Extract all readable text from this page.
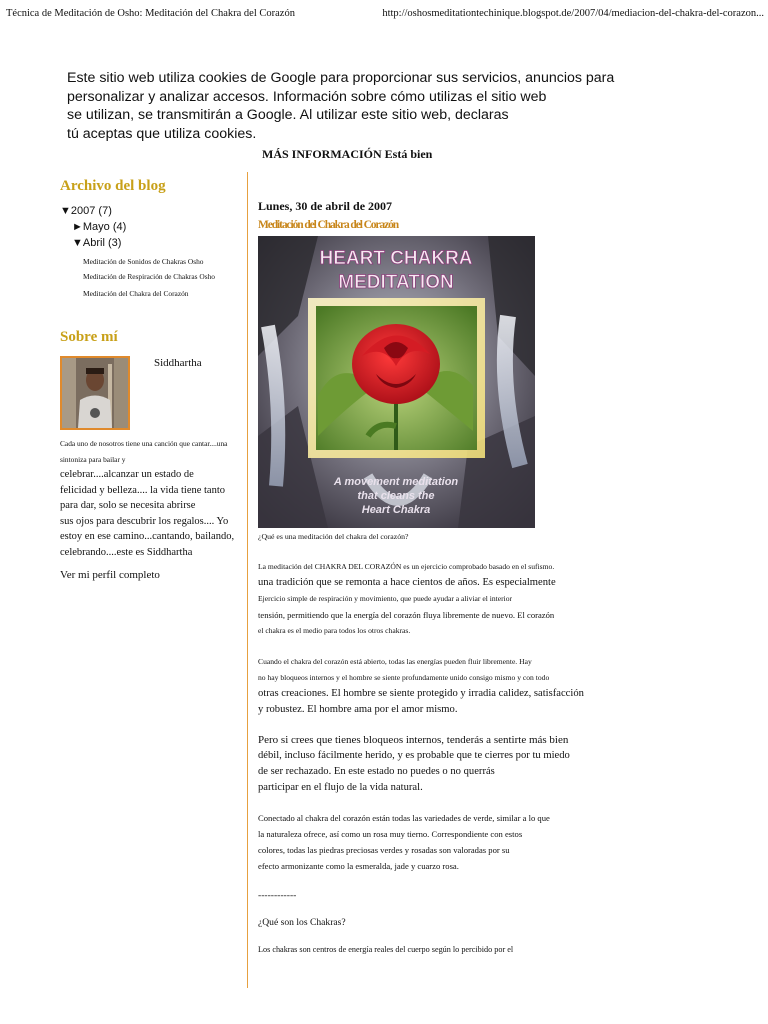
Técnica de Meditación de Osho: Meditación del Chakra del Corazón	http://oshosmeditationtechinique.blogspot.de/2007/04/mediacion-del-chakra-del-corazon...
Este sitio web utiliza cookies de Google para proporcionar sus servicios, anuncios para
personalizar y analizar accesos. Información sobre cómo utilizas el sitio web
se utilizan, se transmitirán a Google. Al utilizar este sitio web, declaras
tú aceptas que utiliza cookies.
MÁS INFORMACIÓN Está bien
Archivo del blog
▼2007 (7)
►Mayo (4)
▼Abril (3)
Meditación de Sonidos de Chakras Osho
Meditación de Respiración de Chakras Osho
Meditación del Chakra del Corazón
Sobre mí
Siddhartha
Cada uno de nosotros tiene una canción que cantar....una
sintoniza para bailar y
celebrar....alcanzar un estado de
felicidad y belleza.... la vida tiene tanto
para dar, solo se necesita abrirse
sus ojos para descubrir los regalos.... Yo
estoy en ese camino...cantando, bailando,
celebrando....este es Siddhartha
Ver mi perfil completo
Lunes, 30 de abril de 2007
Meditación del Chakra del Corazón
HEART CHAKRA
MEDITATION
A movement meditation
that cleans the
Heart Chakra
¿Qué es una meditación del chakra del corazón?
La meditación del CHAKRA DEL CORAZÓN es un ejercicio comprobado basado en el sufismo.
una tradición que se remonta a hace cientos de años. Es especialmente
Ejercicio simple de respiración y movimiento, que puede ayudar a aliviar el interior
tensión, permitiendo que la energía del corazón fluya libremente de nuevo. El corazón
el chakra es el medio para todos los otros chakras.
Cuando el chakra del corazón está abierto, todas las energías pueden fluir libremente. Hay
no hay bloqueos internos y el hombre se siente profundamente unido consigo mismo y con todo
otras creaciones. El hombre se siente protegido y irradia calidez, satisfacción
y robustez. El hombre ama por el amor mismo.
Pero si crees que tienes bloqueos internos, tenderás a sentirte más bien
débil, incluso fácilmente herido, y es probable que te cierres por tu miedo
de ser rechazado. En este estado no puedes o no querrás
participar en el flujo de la vida natural.
Conectado al chakra del corazón están todas las variedades de verde, similar a lo que
la naturaleza ofrece, así como un rosa muy tierno. Correspondiente con estos
colores, todas las piedras preciosas verdes y rosadas son valoradas por su
efecto armonizante como la esmeralda, jade y cuarzo rosa.
------------
¿Qué son los Chakras?
Los chakras son centros de energía reales del cuerpo según lo percibido por el
